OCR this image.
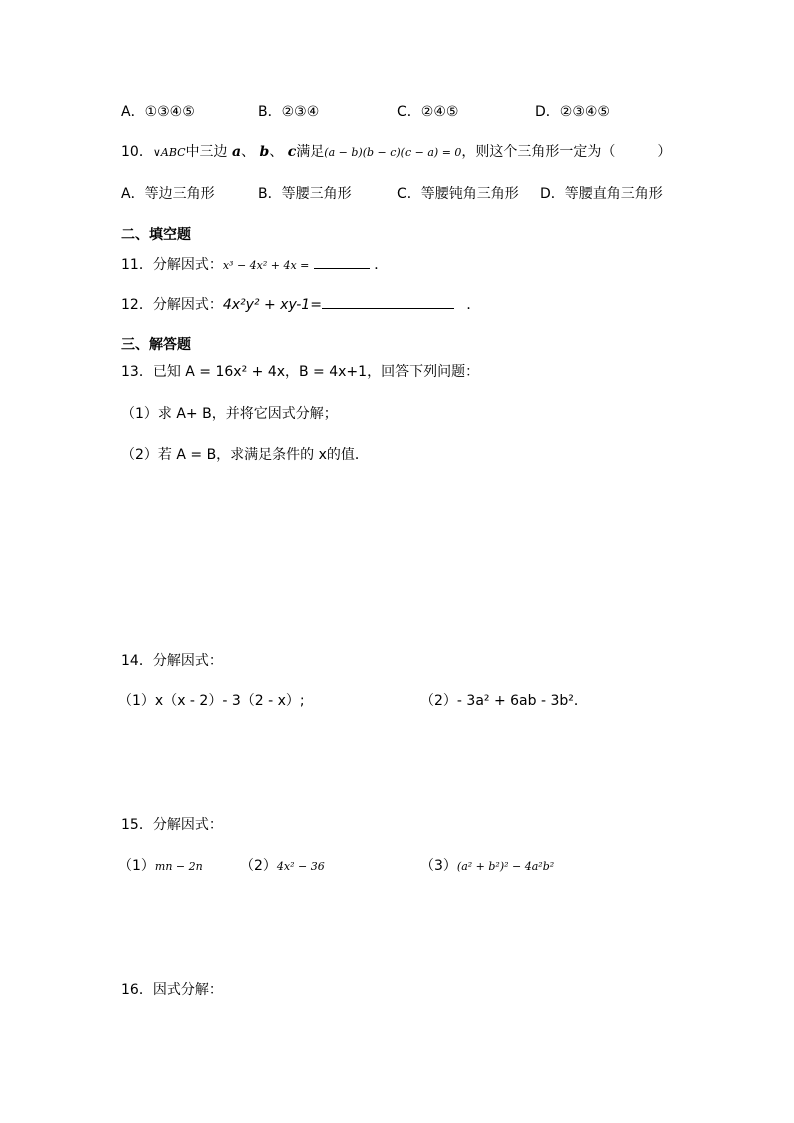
A．①③④⑤	B．②③④	C．②④⑤	D．②③④⑤
10．∨ABC中三边 a、 b、 c满足(a − b)(b − c)(c − a) = 0，则这个三角形一定为（	）
A．等边三角形	B．等腰三角形	C．等腰钝角三角形 D．等腰直角三角形
二、填空题
11．分解因式：x³ − 4x² + 4x =	．
12．分解因式：4x²y² + xy-1=	．
三、解答题
13．已知 A = 16x² + 4x，B = 4x+1，回答下列问题：
（1）求 A+ B，并将它因式分解；
（2）若 A = B，求满足条件的 x的值．
14．分解因式：
（1）x（x - 2）- 3（2 - x）;	（2）- 3a² + 6ab - 3b²．
15．分解因式：
（1）mn − 2n	（2）4x² − 36	（3）(a² + b²)² − 4a²b²
16．因式分解：
